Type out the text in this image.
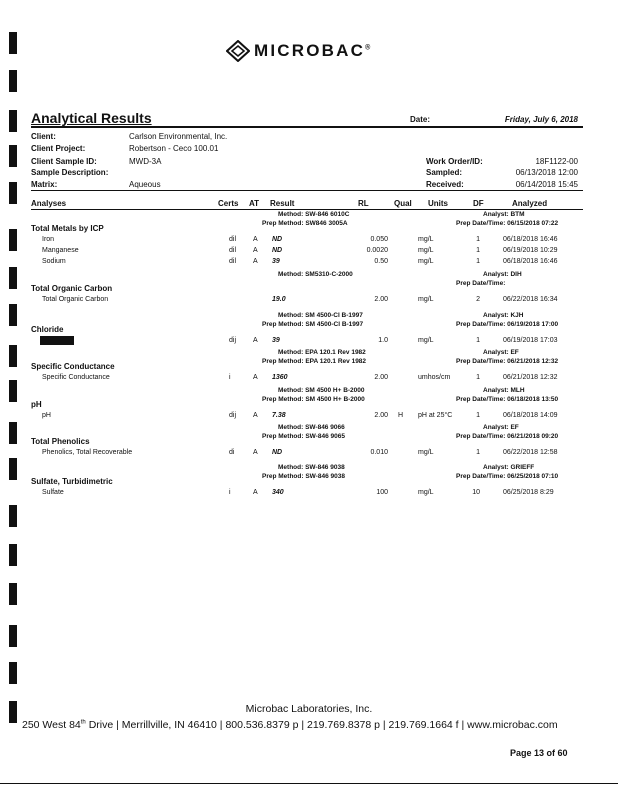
MICROBAC®
Analytical Results	Date:	Friday, July 6, 2018
Client:	Carlson Environmental, Inc.
Client Project:	Robertson - Ceco 100.01
Client Sample ID:	MWD-3A
Sample Description:
Matrix:	Aqueous
Work Order/ID:	18F1122-00
Sampled:	06/13/2018 12:00
Received:	06/14/2018 15:45
Analyses	Certs AT Result	RL	Qual Units	DF	Analyzed
Method: SW-846 6010C	Analyst: BTM
Prep Method: SW846 3005A	Prep Date/Time: 06/15/2018 07:22
Total Metals by ICP
Iron	dil A ND	0.050	mg/L	1	06/18/2018 16:46
Manganese	dil A ND	0.0020	mg/L	1	06/19/2018 10:29
Sodium	dil A 39	0.50	mg/L	1	06/18/2018 16:46
Method: SM5310-C-2000	Analyst: DIH
Prep Date/Time:
Total Organic Carbon
Total Organic Carbon	19.0	2.00	mg/L	2	06/22/2018 16:34
Method: SM 4500-Cl B-1997	Analyst: KJH
Prep Method: SM 4500-Cl B-1997	Prep Date/Time: 06/19/2018 17:00
Chloride
dij A 39	1.0	mg/L	1	06/19/2018 17:03
Method: EPA 120.1 Rev 1982	Analyst: EF
Prep Method: EPA 120.1 Rev 1982	Prep Date/Time: 06/21/2018 12:32
Specific Conductance
Specific Conductance	i	A 1360	2.00	umhos/cm	1	06/21/2018 12:32
Method: SM 4500 H+ B-2000	Analyst: MLH
Prep Method: SM 4500 H+ B-2000	Prep Date/Time: 06/18/2018 13:50
pH
pH	dij A 7.38	2.00 H pH at 25°C	1	06/18/2018 14:09
Method: SW-846 9066	Analyst: EF
Prep Method: SW-846 9065	Prep Date/Time: 06/21/2018 09:20
Total Phenolics
Phenolics, Total Recoverable	di	A ND	0.010	mg/L	1	06/22/2018 12:58
Method: SW-846 9038	Analyst: GRIEFF
Prep Method: SW-846 9038	Prep Date/Time: 06/25/2018 07:10
Sulfate, Turbidimetric
Sulfate	i	A 340	100	mg/L	10	06/25/2018 8:29
Microbac Laboratories, Inc.
250 West 84th Drive | Merrillville, IN 46410 | 800.536.8379 p | 219.769.8378 p | 219.769.1664 f | www.microbac.com
Page 13 of 60
